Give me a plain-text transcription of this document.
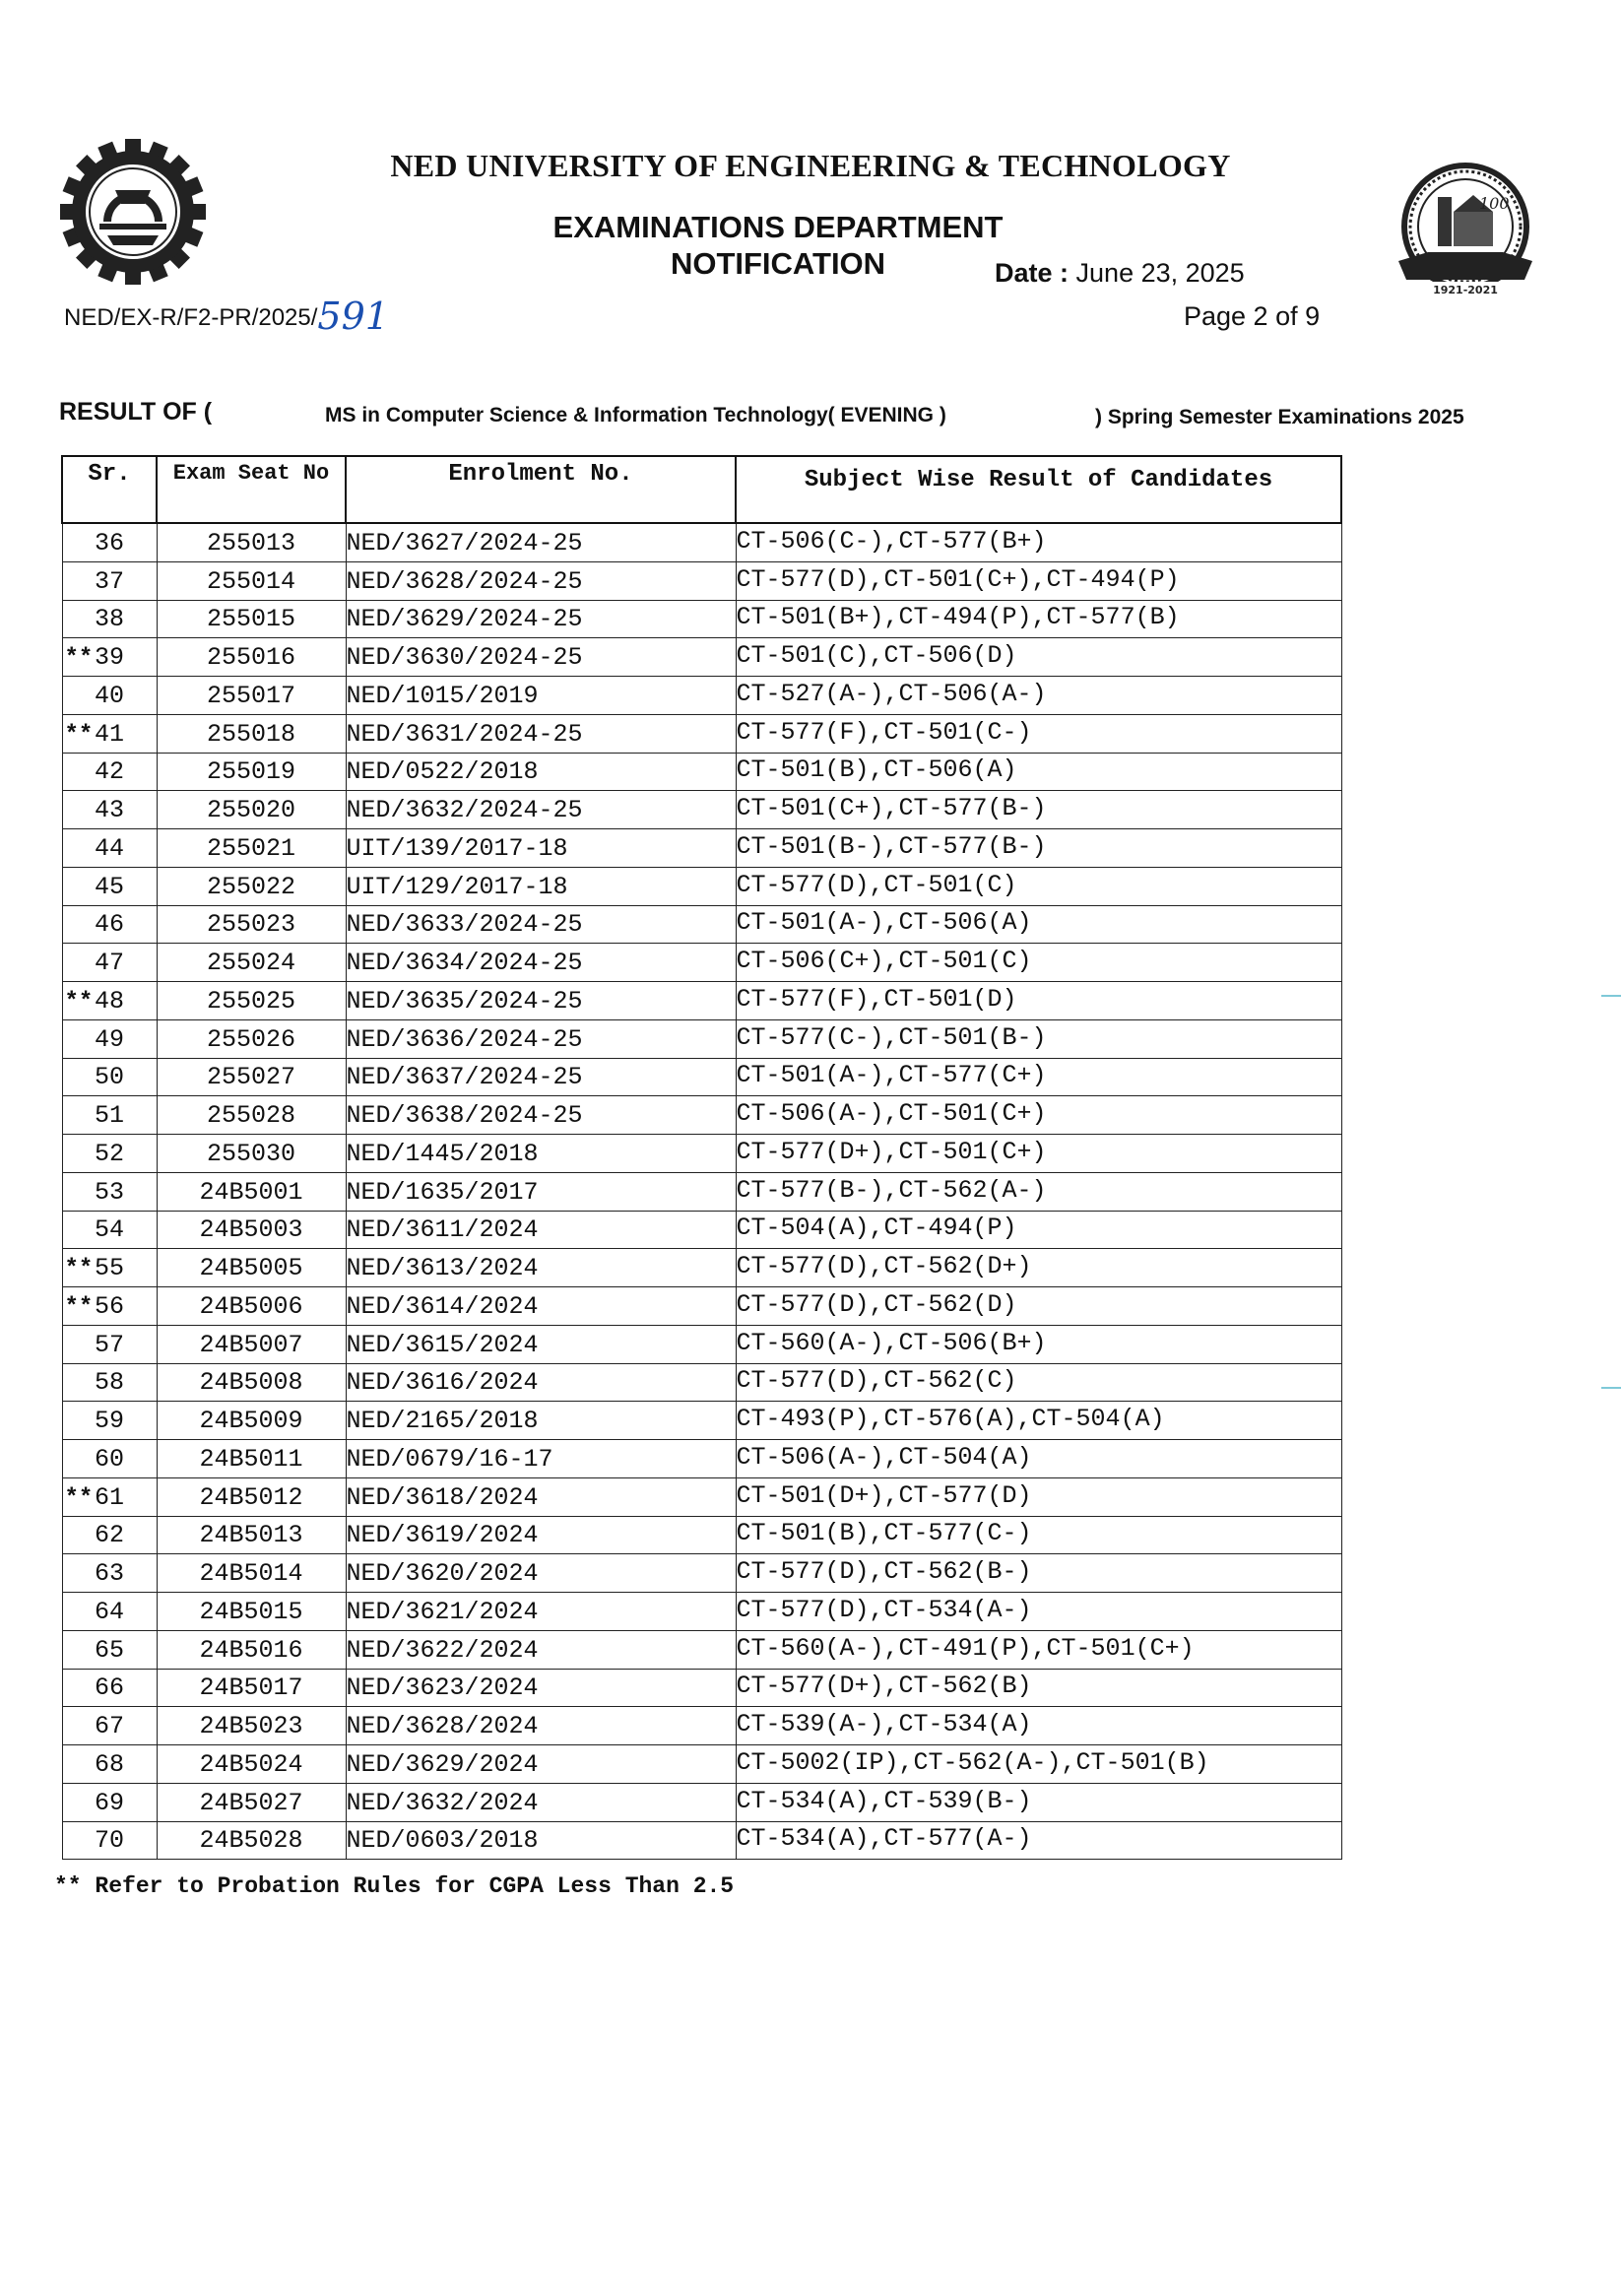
100
1921-2021
NED UNIVERSITY OF ENGINEERING & TECHNOLOGY
EXAMINATIONS DEPARTMENT
NOTIFICATION	Date : June 23, 2025
Page 2 of 9
NED/EX-R/F2-PR/2025/591
RESULT OF (	MS in Computer Science & Information Technology( EVENING )	) Spring Semester Examinations 2025
Sr.	Exam Seat No	Enrolment No.	Subject Wise Result of Candidates

36	255013	NED/3627/2024-25	CT-506(C-),CT-577(B+)

37	255014	NED/3628/2024-25	CT-577(D),CT-501(C+),CT-494(P)

38	255015	NED/3629/2024-25	CT-501(B+),CT-494(P),CT-577(B)

** 39	255016	NED/3630/2024-25	CT-501(C),CT-506(D)

40	255017	NED/1015/2019	CT-527(A-),CT-506(A-)

** 41	255018	NED/3631/2024-25	CT-577(F),CT-501(C-)

42	255019	NED/0522/2018	CT-501(B),CT-506(A)

43	255020	NED/3632/2024-25	CT-501(C+),CT-577(B-)

44	255021	UIT/139/2017-18	CT-501(B-),CT-577(B-)

45	255022	UIT/129/2017-18	CT-577(D),CT-501(C)

46	255023	NED/3633/2024-25	CT-501(A-),CT-506(A)

47	255024	NED/3634/2024-25	CT-506(C+),CT-501(C)

** 48	255025	NED/3635/2024-25	CT-577(F),CT-501(D)

49	255026	NED/3636/2024-25	CT-577(C-),CT-501(B-)

50	255027	NED/3637/2024-25	CT-501(A-),CT-577(C+)

51	255028	NED/3638/2024-25	CT-506(A-),CT-501(C+)

52	255030	NED/1445/2018	CT-577(D+),CT-501(C+)

53	24B5001	NED/1635/2017	CT-577(B-),CT-562(A-)

54	24B5003	NED/3611/2024	CT-504(A),CT-494(P)

** 55	24B5005	NED/3613/2024	CT-577(D),CT-562(D+)

** 56	24B5006	NED/3614/2024	CT-577(D),CT-562(D)

57	24B5007	NED/3615/2024	CT-560(A-),CT-506(B+)

58	24B5008	NED/3616/2024	CT-577(D),CT-562(C)

59	24B5009	NED/2165/2018	CT-493(P),CT-576(A),CT-504(A)

60	24B5011	NED/0679/16-17	CT-506(A-),CT-504(A)

** 61	24B5012	NED/3618/2024	CT-501(D+),CT-577(D)

62	24B5013	NED/3619/2024	CT-501(B),CT-577(C-)

63	24B5014	NED/3620/2024	CT-577(D),CT-562(B-)

64	24B5015	NED/3621/2024	CT-577(D),CT-534(A-)

65	24B5016	NED/3622/2024	CT-560(A-),CT-491(P),CT-501(C+)

66	24B5017	NED/3623/2024	CT-577(D+),CT-562(B)

67	24B5023	NED/3628/2024	CT-539(A-),CT-534(A)

68	24B5024	NED/3629/2024	CT-5002(IP),CT-562(A-),CT-501(B)

69	24B5027	NED/3632/2024	CT-534(A),CT-539(B-)

70	24B5028	NED/0603/2018	CT-534(A),CT-577(A-)
** Refer to Probation Rules for CGPA Less Than 2.5
